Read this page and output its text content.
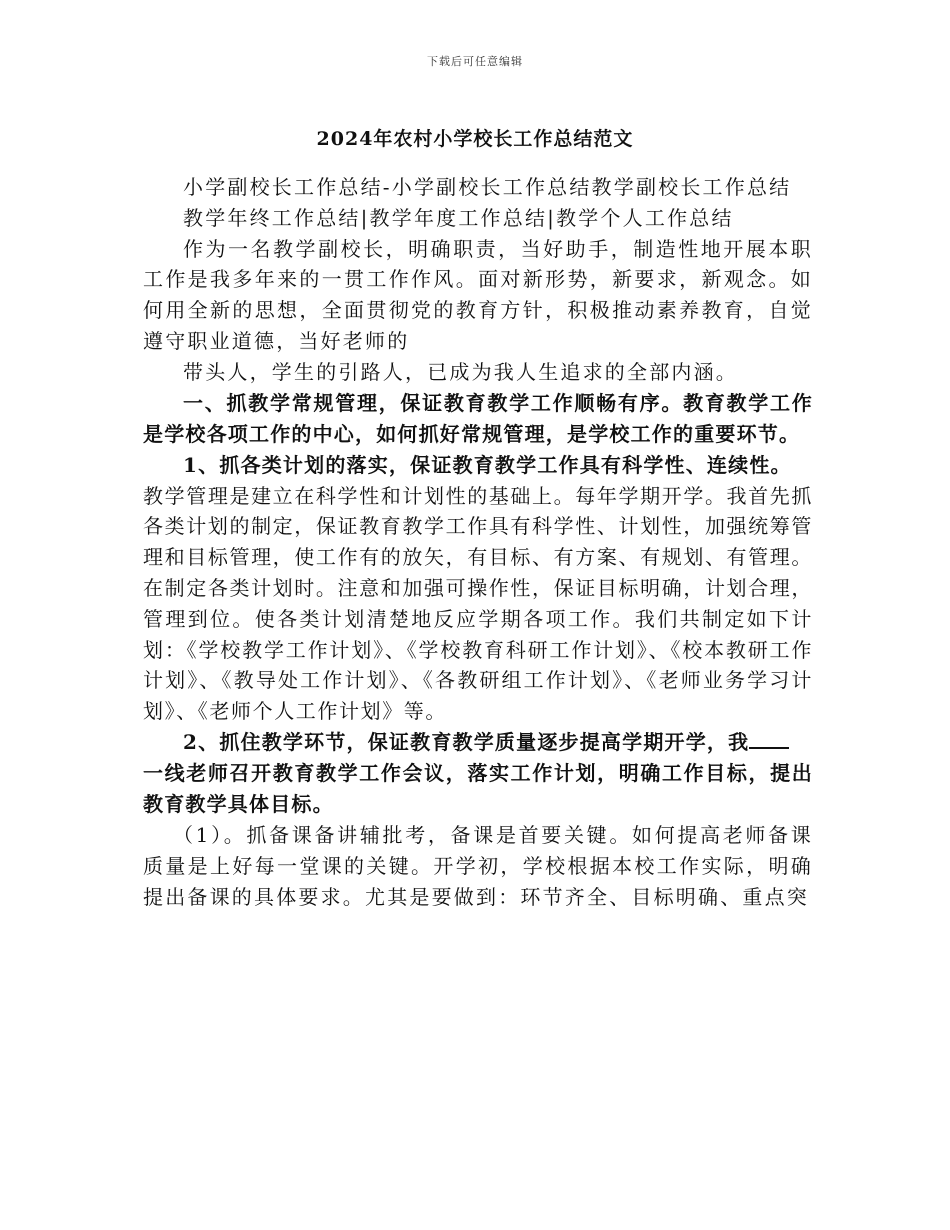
下载后可任意编辑
2024年农村小学校长工作总结范文

小学副校长工作总结-小学副校长工作总结教学副校长工作总结

教学年终工作总结|教学年度工作总结|教学个人工作总结

作为一名教学副校长，明确职责，当好助手，制造性地开展本职工作是我多年来的一贯工作作风。面对新形势，新要求，新观念。如何用全新的思想，全面贯彻党的教育方针，积极推动素养教育，自觉遵守职业道德，当好老师的

带头人，学生的引路人，已成为我人生追求的全部内涵。

一、抓教学常规管理，保证教育教学工作顺畅有序。教育教学工作是学校各项工作的中心，如何抓好常规管理，是学校工作的重要环节。

1、抓各类计划的落实，保证教育教学工作具有科学性、连续性。

教学管理是建立在科学性和计划性的基础上。每年学期开学。我首先抓各类计划的制定，保证教育教学工作具有科学性、计划性，加强统筹管理和目标管理，使工作有的放矢，有目标、有方案、有规划、有管理。在制定各类计划时。注意和加强可操作性，保证目标明确，计划合理，管理到位。使各类计划清楚地反应学期各项工作。我们共制定如下计划：《学校教学工作计划》、《学校教育科研工作计划》、《校本教研工作计划》、《教导处工作计划》、《各教研组工作计划》、《老师业务学习计划》、《老师个人工作计划》等。

2、抓住教学环节，保证教育教学质量逐步提高学期开学，我

一线老师召开教育教学工作会议，落实工作计划，明确工作目标，提出教育教学具体目标。

（1）。抓备课备讲辅批考，备课是首要关键。如何提高老师备课质量是上好每一堂课的关键。开学初，学校根据本校工作实际，明确提出备课的具体要求。尤其是要做到：环节齐全、目标明确、重点突
